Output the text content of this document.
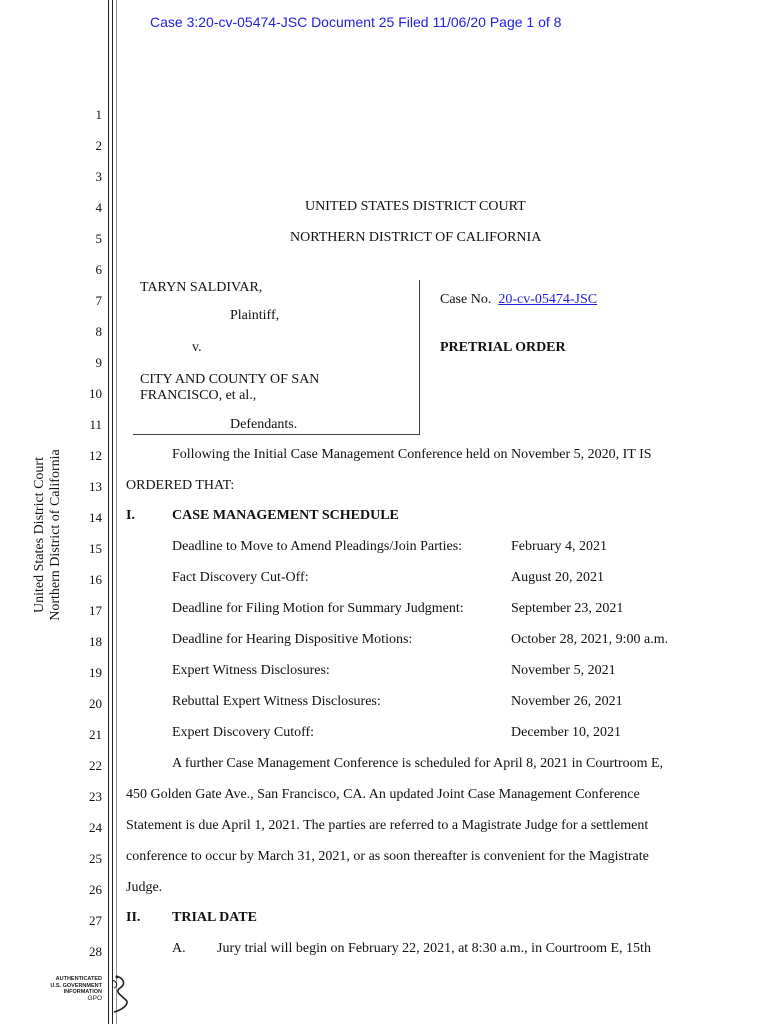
Case 3:20-cv-05474-JSC Document 25 Filed 11/06/20 Page 1 of 8
1
2
3
4
5
6
7
8
9
10
11
12
13
14
15
16
17
18
19
20
21
22
23
24
25
26
27
28
United States District Court Northern District of California
UNITED STATES DISTRICT COURT
NORTHERN DISTRICT OF CALIFORNIA
TARYN SALDIVAR,
Plaintiff,
v.
CITY AND COUNTY OF SAN
FRANCISCO, et al.,
Defendants.
Case No. 20-cv-05474-JSC
PRETRIAL ORDER
Following the Initial Case Management Conference held on November 5, 2020, IT IS
ORDERED THAT:
I.	CASE MANAGEMENT SCHEDULE
Deadline to Move to Amend Pleadings/Join Parties:	February 4, 2021
Fact Discovery Cut-Off:	August 20, 2021
Deadline for Filing Motion for Summary Judgment:	September 23, 2021
Deadline for Hearing Dispositive Motions:	October 28, 2021, 9:00 a.m.
Expert Witness Disclosures:	November 5, 2021
Rebuttal Expert Witness Disclosures:	November 26, 2021
Expert Discovery Cutoff:	December 10, 2021
A further Case Management Conference is scheduled for April 8, 2021 in Courtroom E,
450 Golden Gate Ave., San Francisco, CA. An updated Joint Case Management Conference
Statement is due April 1, 2021. The parties are referred to a Magistrate Judge for a settlement
conference to occur by March 31, 2021, or as soon thereafter is convenient for the Magistrate
Judge.
II. TRIAL DATE
A. Jury trial will begin on February 22, 2021, at 8:30 a.m., in Courtroom E, 15th
AUTHENTICATED
U.S. GOVERNMENT
INFORMATION
GPO
